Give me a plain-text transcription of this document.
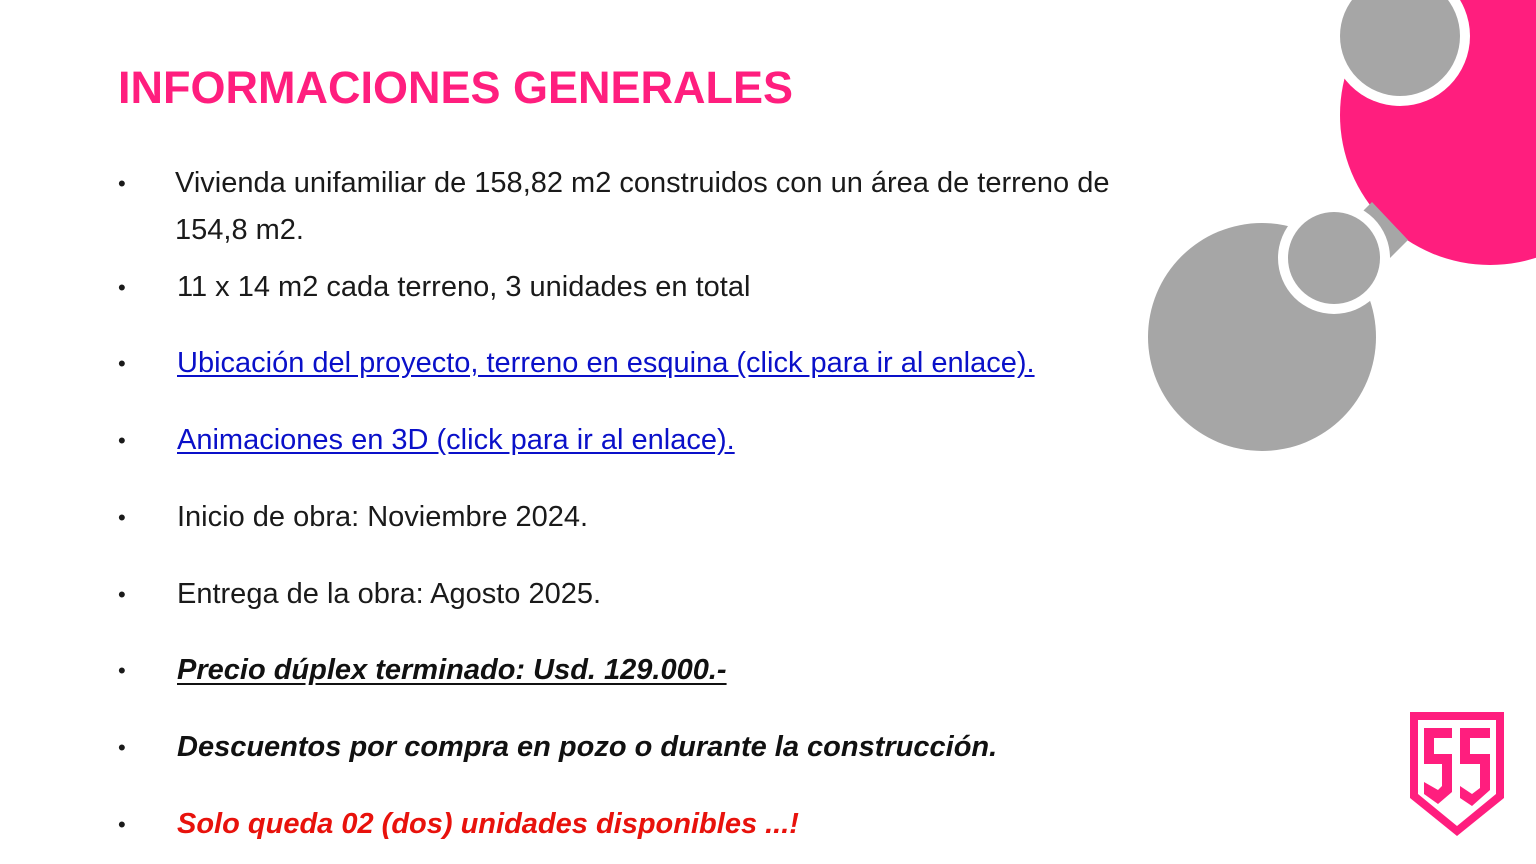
INFORMACIONES GENERALES
•	Vivienda unifamiliar de 158,82 m2 construidos con un área de terreno de 154,8 m2.
•	11 x 14 m2 cada terreno, 3 unidades en total
•	Ubicación del proyecto, terreno en esquina (click para ir al enlace).
•	Animaciones en 3D (click para ir al enlace).
•	Inicio de obra: Noviembre 2024.
•	Entrega de la obra: Agosto 2025.
•	Precio dúplex terminado: Usd. 129.000.-
•	Descuentos por compra en pozo o durante la construcción.
•	Solo queda 02 (dos) unidades disponibles ...!
